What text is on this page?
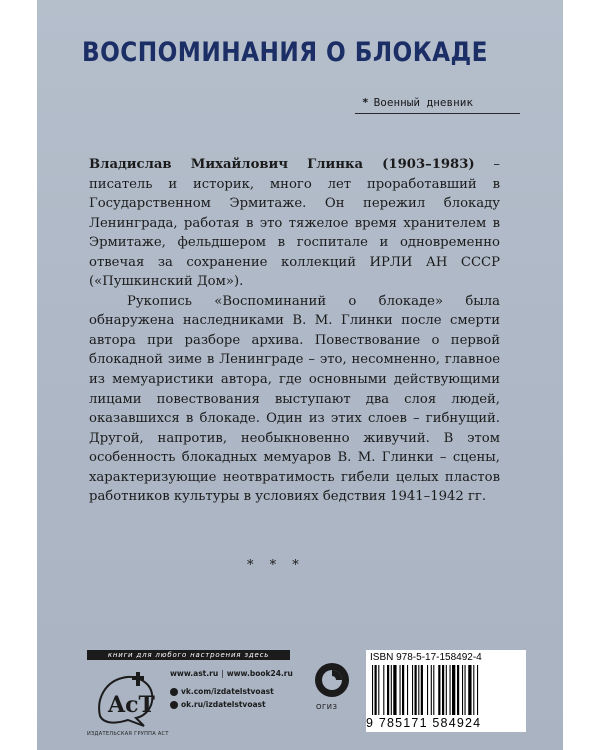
ВОСПОМИНАНИЯ О БЛОКАДЕ
* Военный дневник

Владислав Михайлович Глинка (1903–1983) – писатель и историк, много лет проработавший в Государственном Эрмитаже. Он пережил блокаду Ленинграда, работая в это тяжелое время хранителем в Эрмитаже, фельдшером в госпитале и одновременно отвечая за сохранение коллекций ИРЛИ АН СССР («Пушкинский Дом»).

Рукопись «Воспоминаний о блокаде» была обнаружена наследниками В. М. Глинки после смерти автора при разборе архива. Повествование о первой блокадной зиме в Ленинграде – это, несомненно, главное из мемуаристики автора, где основными действующими лицами повествования выступают два слоя людей, оказавшихся в блокаде. Один из этих слоев – гибнущий. Другой, напротив, необыкновенно живучий. В этом особенность блокадных мемуаров В. М. Глинки – сцены, характеризующие неотвратимость гибели целых пластов работников культуры в условиях бедствия 1941–1942 гг.

* * *
книги для любого настроения здесь
AcT
ИЗДАТЕЛЬСКАЯ ГРУППА АСТ
www.ast.ru | www.book24.ru
vk.com/izdatelstvoast
ok.ru/izdatelstvoast	ОГИЗ
ISBN 978-5-17-158492-4
9 785171 584924
